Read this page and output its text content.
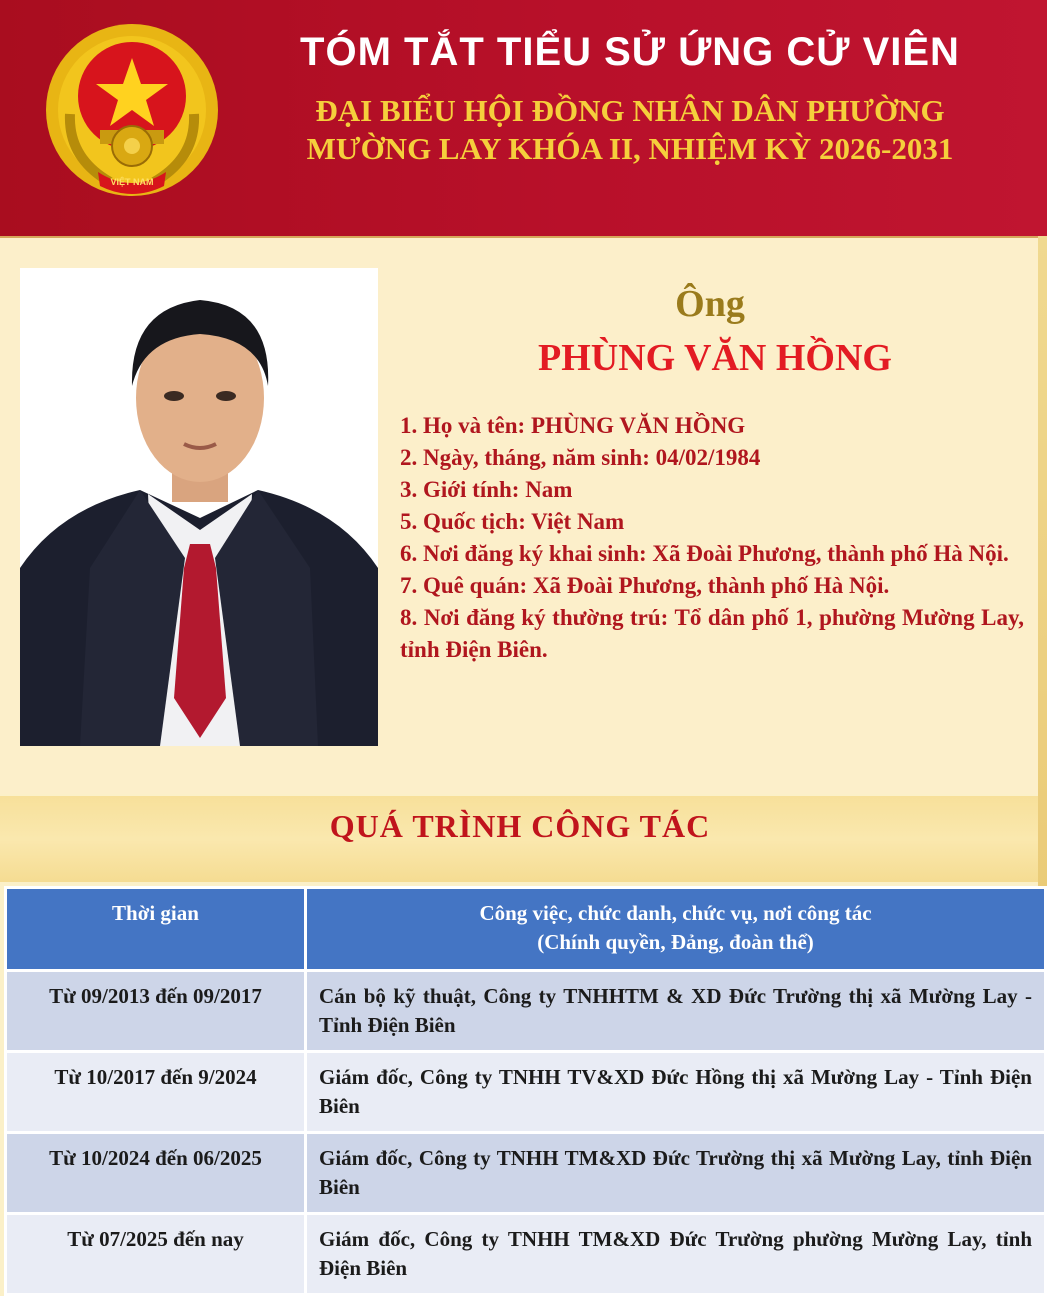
VIỆT NAM
TÓM TẮT TIỂU SỬ ỨNG CỬ VIÊN
ĐẠI BIỂU HỘI ĐỒNG NHÂN DÂN PHƯỜNG
MƯỜNG LAY KHÓA II, NHIỆM KỲ 2026-2031
Ông
PHÙNG VĂN HỒNG
1. Họ và tên: PHÙNG VĂN HỒNG
2. Ngày, tháng, năm sinh: 04/02/1984
3. Giới tính: Nam
5. Quốc tịch: Việt Nam
6. Nơi đăng ký khai sinh: Xã Đoài Phương, thành phố Hà Nội.
7. Quê quán: Xã Đoài Phương, thành phố Hà Nội.
8. Nơi đăng ký thường trú: Tổ dân phố 1, phường Mường Lay, tỉnh Điện Biên.
QUÁ TRÌNH CÔNG TÁC
Thời gian	Công việc, chức danh, chức vụ, nơi công tác
(Chính quyền, Đảng, đoàn thể)

Từ 09/2013 đến 09/2017	Cán bộ kỹ thuật, Công ty TNHHTM & XD Đức Trường thị xã Mường Lay - Tỉnh Điện Biên
Từ 10/2017 đến 9/2024	Giám đốc, Công ty TNHH TV&XD Đức Hồng thị xã Mường Lay - Tỉnh Điện Biên
Từ 10/2024 đến 06/2025	Giám đốc, Công ty TNHH TM&XD Đức Trường thị xã Mường Lay, tỉnh Điện Biên
Từ 07/2025 đến nay	Giám đốc, Công ty TNHH TM&XD Đức Trường phường Mường Lay, tỉnh Điện Biên
